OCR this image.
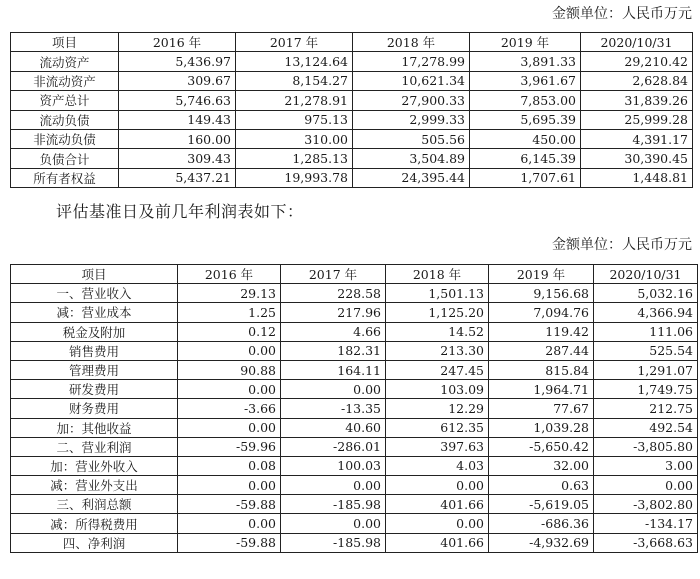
金额单位：人民币万元
项目	2016 年	2017 年	2018 年	2019 年	2020/10/31
流动资产	5,436.97	13,124.64	17,278.99	3,891.33	29,210.42
非流动资产	309.67	8,154.27	10,621.34	3,961.67	2,628.84
资产总计	5,746.63	21,278.91	27,900.33	7,853.00	31,839.26
流动负债	149.43	975.13	2,999.33	5,695.39	25,999.28
非流动负债	160.00	310.00	505.56	450.00	4,391.17
负债合计	309.43	1,285.13	3,504.89	6,145.39	30,390.45
所有者权益	5,437.21	19,993.78	24,395.44	1,707.61	1,448.81
评估基准日及前几年利润表如下：
金额单位：人民币万元
项目	2016 年	2017 年	2018 年	2019 年	2020/10/31
一、营业收入	29.13	228.58	1,501.13	9,156.68	5,032.16
减：营业成本	1.25	217.96	1,125.20	7,094.76	4,366.94
税金及附加	0.12	4.66	14.52	119.42	111.06
销售费用	0.00	182.31	213.30	287.44	525.54
管理费用	90.88	164.11	247.45	815.84	1,291.07
研发费用	0.00	0.00	103.09	1,964.71	1,749.75
财务费用	-3.66	-13.35	12.29	77.67	212.75
加：其他收益	0.00	40.60	612.35	1,039.28	492.54
二、营业利润	-59.96	-286.01	397.63	-5,650.42	-3,805.80
加：营业外收入	0.08	100.03	4.03	32.00	3.00
减：营业外支出	0.00	0.00	0.00	0.63	0.00
三、利润总额	-59.88	-185.98	401.66	-5,619.05	-3,802.80
减：所得税费用	0.00	0.00	0.00	-686.36	-134.17
四、净利润	-59.88	-185.98	401.66	-4,932.69	-3,668.63
